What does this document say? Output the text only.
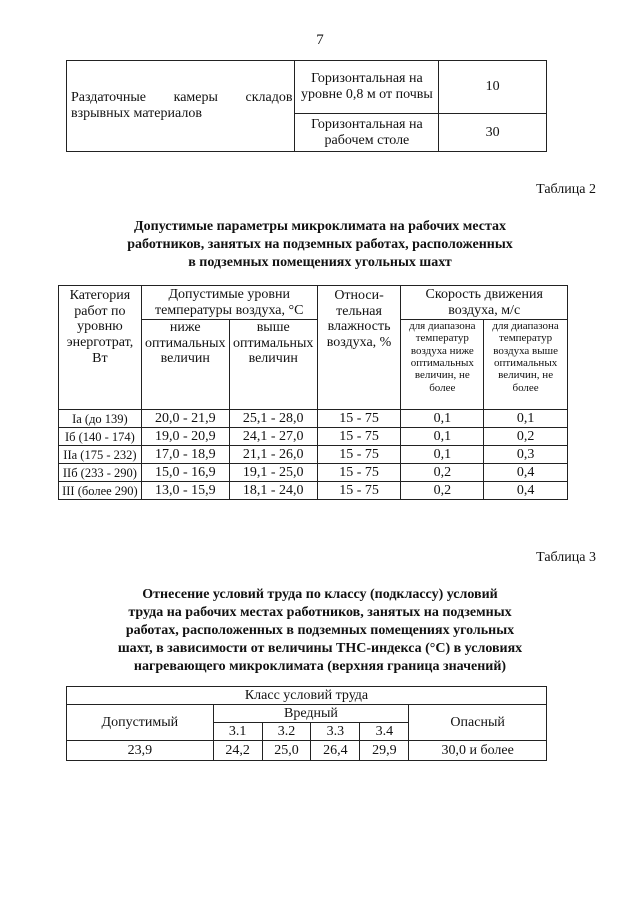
7
Раздаточные камеры складов взрывных материалов	Горизонтальная на уровне 0,8 м от почвы	10
	Горизонтальная на рабочем столе	30
Таблица 2
Допустимые параметры микроклимата на рабочих местах
работников, занятых на подземных работах, расположенных
в подземных помещениях угольных шахт
Категория работ по уровню энерготрат, Вт	Допустимые уровни температуры воздуха, °С		Относи-тельная влажность воздуха, %	Скорость движения воздуха, м/с	
	ниже оптимальных величин	выше оптимальных величин		для диапазона температур воздуха ниже оптимальных величин, не более	для диапазона температур воздуха выше оптимальных величин, не более
Ia (до 139)	20,0 - 21,9	25,1 - 28,0	15 - 75	0,1	0,1
Iб (140 - 174)	19,0 - 20,9	24,1 - 27,0	15 - 75	0,1	0,2
IIa (175 - 232)	17,0 - 18,9	21,1 - 26,0	15 - 75	0,1	0,3
IIб (233 - 290)	15,0 - 16,9	19,1 - 25,0	15 - 75	0,2	0,4
III (более 290)	13,0 - 15,9	18,1 - 24,0	15 - 75	0,2	0,4
Таблица 3
Отнесение условий труда по классу (подклассу) условий
труда на рабочих местах работников, занятых на подземных
работах, расположенных в подземных помещениях угольных
шахт, в зависимости от величины ТНС-индекса (°С) в условиях
нагревающего микроклимата (верхняя граница значений)
Класс условий труда					
Допустимый	Вредный				Опасный
	3.1	3.2	3.3	3.4	
23,9	24,2	25,0	26,4	29,9	30,0 и более
